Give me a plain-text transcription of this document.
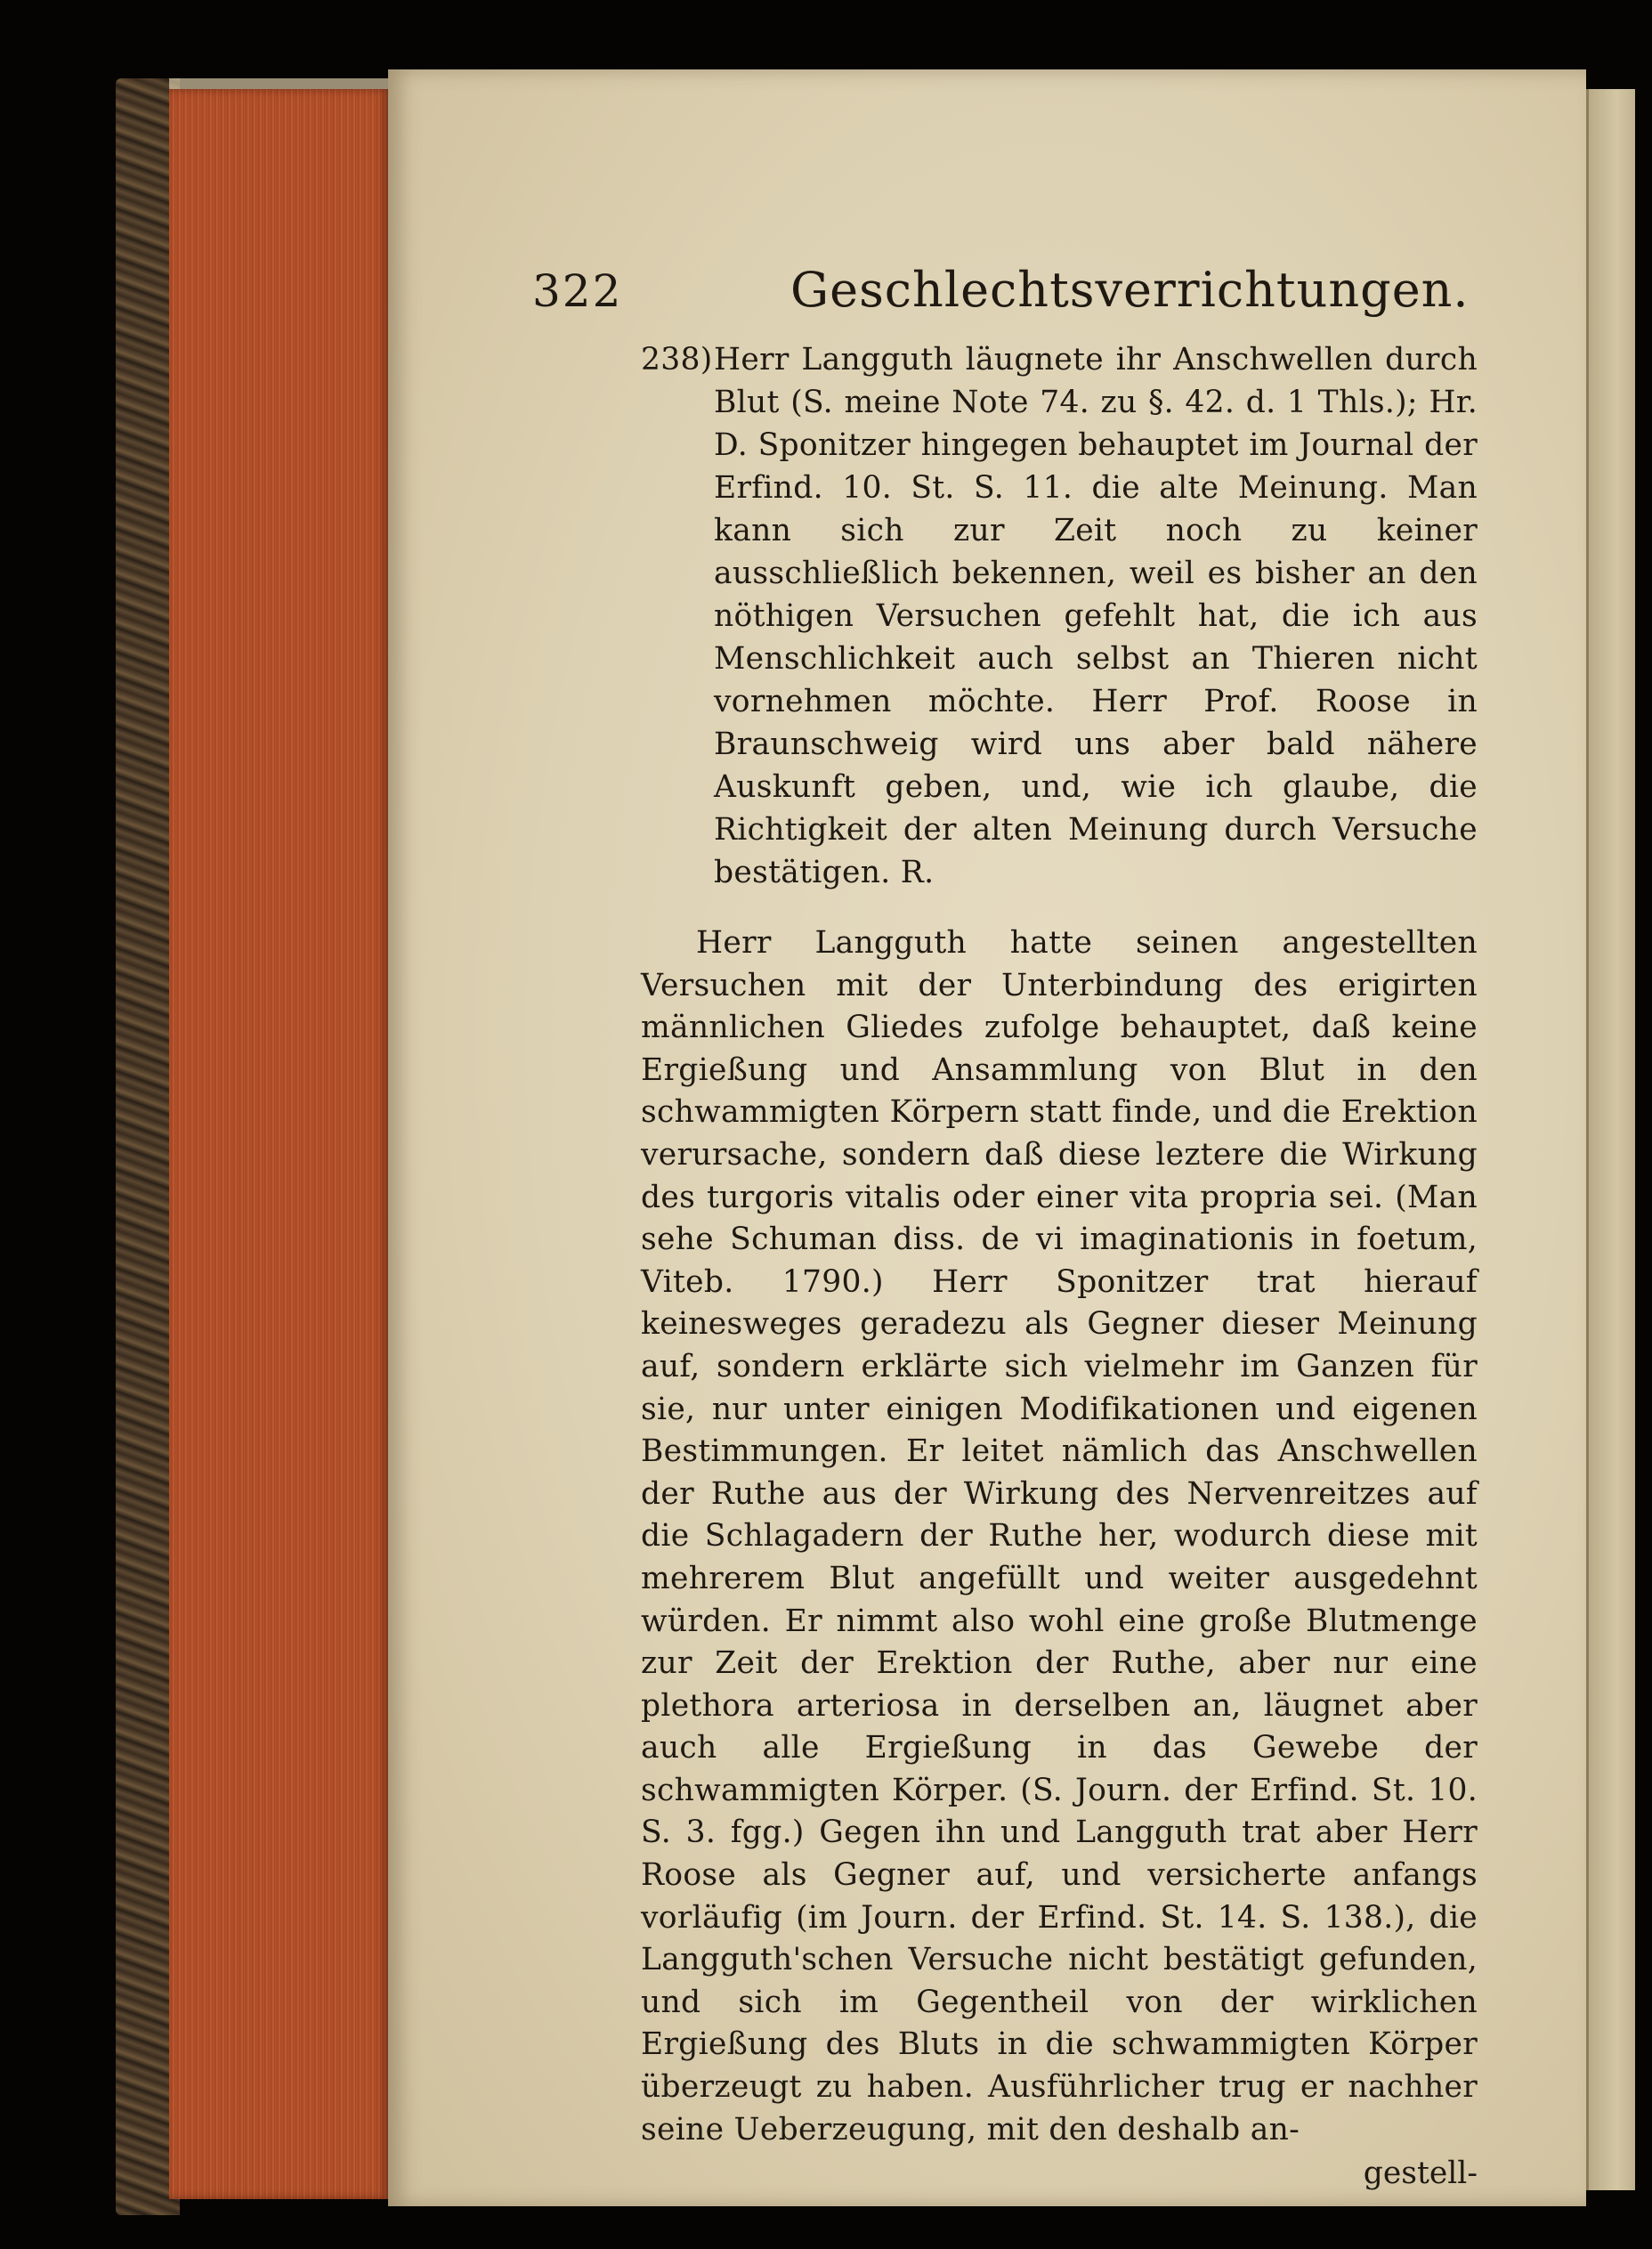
322	Geschlechtsverrichtungen.
238)Herr Langguth läugnete ihr Anschwellen durch Blut (S. meine Note 74. zu §. 42. d. 1 Thls.); Hr. D. Sponitzer hingegen behauptet im Journal der Erfind. 10. St. S. 11. die alte Meinung. Man kann sich zur Zeit noch zu keiner ausschließlich bekennen, weil es bisher an den nöthigen Versuchen gefehlt hat, die ich aus Menschlichkeit auch selbst an Thieren nicht vornehmen möchte. Herr Prof. Roose in Braunschweig wird uns aber bald nähere Auskunft geben, und, wie ich glaube, die Richtigkeit der alten Meinung durch Versuche bestätigen. R.
Herr Langguth hatte seinen angestellten Versuchen mit der Unterbindung des erigirten männlichen Gliedes zufolge behauptet, daß keine Ergießung und Ansammlung von Blut in den schwammigten Körpern statt finde, und die Erektion verursache, sondern daß diese leztere die Wirkung des turgoris vitalis oder einer vita propria sei. (Man sehe Schuman diss. de vi imaginationis in foetum, Viteb. 1790.) Herr Sponitzer trat hierauf keinesweges geradezu als Gegner dieser Meinung auf, sondern erklärte sich vielmehr im Ganzen für sie, nur unter einigen Modifikationen und eigenen Bestimmungen. Er leitet nämlich das Anschwellen der Ruthe aus der Wirkung des Nervenreitzes auf die Schlagadern der Ruthe her, wodurch diese mit mehrerem Blut angefüllt und weiter ausgedehnt würden. Er nimmt also wohl eine große Blutmenge zur Zeit der Erektion der Ruthe, aber nur eine plethora arteriosa in derselben an, läugnet aber auch alle Ergießung in das Gewebe der schwammigten Körper. (S. Journ. der Erfind. St. 10. S. 3. fgg.) Gegen ihn und Langguth trat aber Herr Roose als Gegner auf, und versicherte anfangs vorläufig (im Journ. der Erfind. St. 14. S. 138.), die Langguth'schen Versuche nicht bestätigt gefunden, und sich im Gegentheil von der wirklichen Ergießung des Bluts in die schwammigten Körper überzeugt zu haben. Ausführlicher trug er nachher seine Ueberzeugung, mit den deshalb an-
gestell-
